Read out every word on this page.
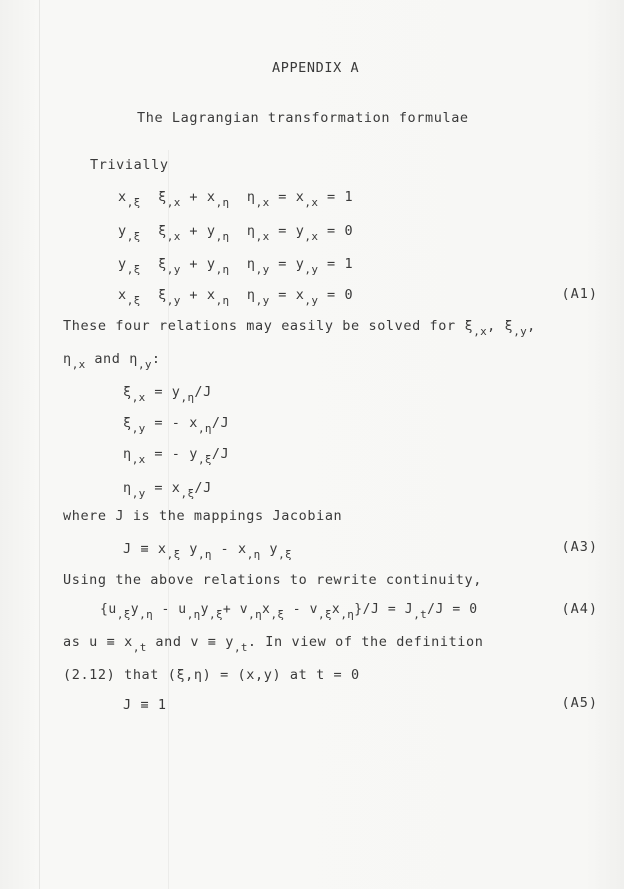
APPENDIX A
The Lagrangian transformation formulae
Trivially
$x_{,\xi}$ $\xi_{,x} + x_{,\eta}$ $\eta_{,x} = x_{,x} = 1$
$y_{,\xi}$ $\xi_{,x} + y_{,\eta}$ $\eta_{,x} = y_{,x} = 0$
$y_{,\xi}$ $\xi_{,y} + y_{,\eta}$ $\eta_{,y} = y_{,y} = 1$
$x_{,\xi}$ $\xi_{,y} + x_{,\eta}$ $\eta_{,y} = x_{,y} = 0$	(A1)
These four relations may easily be solved for $\xi_{,x}$, $\xi_{,y}$,
$\eta_{,x}$ and $\eta_{,y}$:
$\xi_{,x} = y_{,\eta}/J$
$\xi_{,y}$ = - $x_{,\eta}/J$
$\eta_{,x}$ = - $y_{,\xi}/J$
$\eta_{,y} = x_{,\xi}/J$
where J is the mappings Jacobian
$J \equiv x_{,\xi}$ $y_{,\eta} - x_{,\eta}$ $y_{,\xi}$	(A3)
Using the above relations to rewrite continuity,
$\{u_{,\xi}y_{,\eta} - u_{,\eta}y_{,\xi}+ v_{,\eta}x_{,\xi} - v_{,\xi}x_{,\eta}\}/J = J_{,t}/J = 0$	(A4)
as $u \equiv x_{,t}$ and $v \equiv y_{,t}$. In view of the definition
(2.12) that (ξ,η) = (x,y) at t = 0
J ≡ 1	(A5)
